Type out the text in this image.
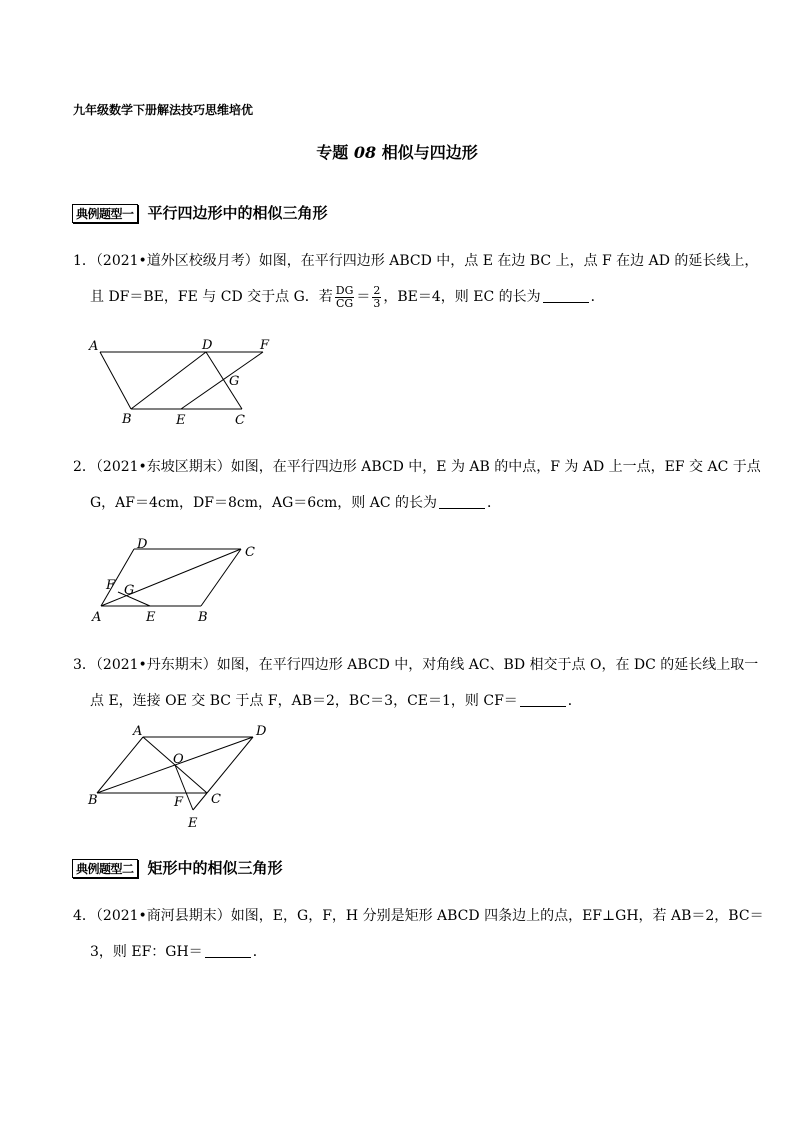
九年级数学下册解法技巧思维培优
专题 08 相似与四边形
典例题型一 平行四边形中的相似三角形
1．（2021•道外区校级月考）如图，在平行四边形 ABCD 中，点 E 在边 BC 上，点 F 在边 AD 的延长线上，
且 DF＝BE，FE 与 CD 交于点 G．若 $\frac{DG}{CG} = \frac{2}{3}$ ，BE＝4，则 EC 的长为	．
A	D	F
G
B	E	C
2．（2021•东坡区期末）如图，在平行四边形 ABCD 中，E 为 AB 的中点，F 为 AD 上一点，EF 交 AC 于点
G，AF＝4cm，DF＝8cm，AG＝6cm，则 AC 的长为	．
D
C
F G
A	E	B
3．（2021•丹东期末）如图，在平行四边形 ABCD 中，对角线 AC、BD 相交于点 O，在 DC 的延长线上取一
点 E，连接 OE 交 BC 于点 F，AB＝2，BC＝3，CE＝1，则 CF＝	．
A	D
O
B	F C
E
典例题型二 矩形中的相似三角形
4．（2021•商河县期末）如图，E，G，F，H 分别是矩形 ABCD 四条边上的点，EF⊥GH，若 AB＝2，BC＝
3，则 EF：GH＝	．
